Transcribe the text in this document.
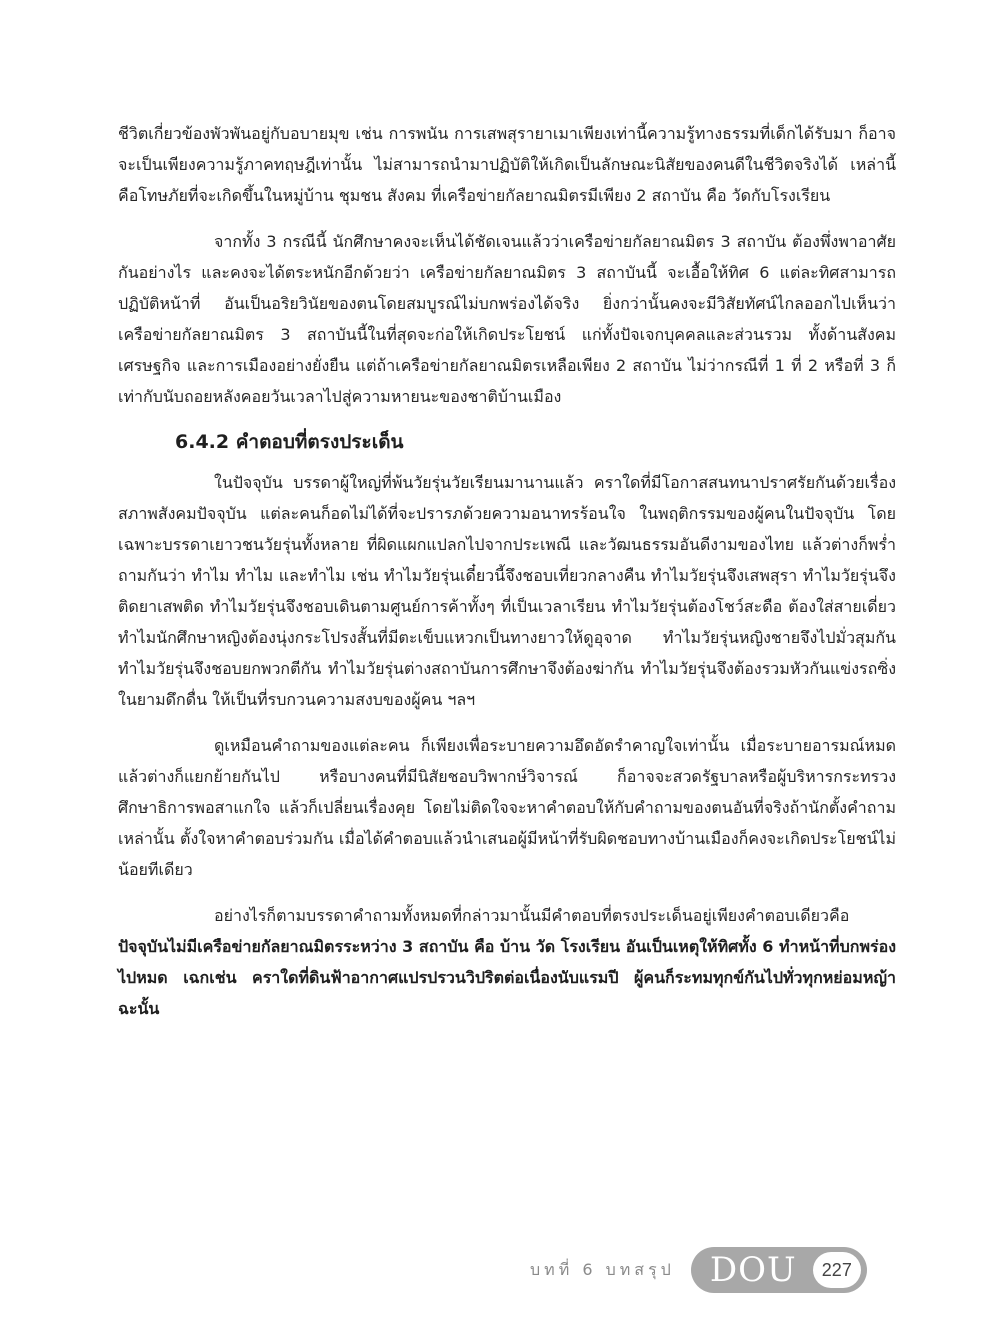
ชีวิตเกี่ยวข้องพัวพันอยู่กับอบายมุข เช่น การพนัน การเสพสุรายาเมาเพียงเท่านี้ความรู้ทางธรรมที่เด็กได้รับมา ก็อาจจะเป็นเพียงความรู้ภาคทฤษฎีเท่านั้น ไม่สามารถนำมาปฏิบัติให้เกิดเป็นลักษณะนิสัยของคนดีในชีวิตจริงได้ เหล่านี้คือโทษภัยที่จะเกิดขึ้นในหมู่บ้าน ชุมชน สังคม ที่เครือข่ายกัลยาณมิตรมีเพียง 2 สถาบัน คือ วัดกับโรงเรียน

จากทั้ง 3 กรณีนี้ นักศึกษาคงจะเห็นได้ชัดเจนแล้วว่าเครือข่ายกัลยาณมิตร 3 สถาบัน ต้องพึ่งพาอาศัยกันอย่างไร และคงจะได้ตระหนักอีกด้วยว่า เครือข่ายกัลยาณมิตร 3 สถาบันนี้ จะเอื้อให้ทิศ 6 แต่ละทิศสามารถปฏิบัติหน้าที่ อันเป็นอริยวินัยของตนโดยสมบูรณ์ไม่บกพร่องได้จริง ยิ่งกว่านั้นคงจะมีวิสัยทัศน์ไกลออกไปเห็นว่า เครือข่ายกัลยาณมิตร 3 สถาบันนี้ในที่สุดจะก่อให้เกิดประโยชน์ แก่ทั้งปัจเจกบุคคลและส่วนรวม ทั้งด้านสังคม เศรษฐกิจ และการเมืองอย่างยั่งยืน แต่ถ้าเครือข่ายกัลยาณมิตรเหลือเพียง 2 สถาบัน ไม่ว่ากรณีที่ 1 ที่ 2 หรือที่ 3 ก็เท่ากับนับถอยหลังคอยวันเวลาไปสู่ความหายนะของชาติบ้านเมือง

6.4.2 คำตอบที่ตรงประเด็น

ในปัจจุบัน บรรดาผู้ใหญ่ที่พ้นวัยรุ่นวัยเรียนมานานแล้ว คราใดที่มีโอกาสสนทนาปราศรัยกันด้วยเรื่องสภาพสังคมปัจจุบัน แต่ละคนก็อดไม่ได้ที่จะปรารภด้วยความอนาทรร้อนใจ ในพฤติกรรมของผู้คนในปัจจุบัน โดยเฉพาะบรรดาเยาวชนวัยรุ่นทั้งหลาย ที่ผิดแผกแปลกไปจากประเพณี และวัฒนธรรมอันดีงามของไทย แล้วต่างก็พร่ำถามกันว่า ทำไม ทำไม และทำไม เช่น ทำไมวัยรุ่นเดี๋ยวนี้จึงชอบเที่ยวกลางคืน ทำไมวัยรุ่นจึงเสพสุรา ทำไมวัยรุ่นจึงติดยาเสพติด ทำไมวัยรุ่นจึงชอบเดินตามศูนย์การค้าทั้งๆ ที่เป็นเวลาเรียน ทำไมวัยรุ่นต้องโชว์สะดือ ต้องใส่สายเดี่ยว ทำไมนักศึกษาหญิงต้องนุ่งกระโปรงสั้นที่มีตะเข็บแหวกเป็นทางยาวให้ดูอุจาด ทำไมวัยรุ่นหญิงชายจึงไปมั่วสุมกัน ทำไมวัยรุ่นจึงชอบยกพวกตีกัน ทำไมวัยรุ่นต่างสถาบันการศึกษาจึงต้องฆ่ากัน ทำไมวัยรุ่นจึงต้องรวมหัวกันแข่งรถซิ่งในยามดึกดื่น ให้เป็นที่รบกวนความสงบของผู้คน ฯลฯ

ดูเหมือนคำถามของแต่ละคน ก็เพียงเพื่อระบายความอึดอัดรำคาญใจเท่านั้น เมื่อระบายอารมณ์หมดแล้วต่างก็แยกย้ายกันไป หรือบางคนที่มีนิสัยชอบวิพากษ์วิจารณ์ ก็อาจจะสวดรัฐบาลหรือผู้บริหารกระทรวงศึกษาธิการพอสาแกใจ แล้วก็เปลี่ยนเรื่องคุย โดยไม่ติดใจจะหาคำตอบให้กับคำถามของตนอันที่จริงถ้านักตั้งคำถามเหล่านั้น ตั้งใจหาคำตอบร่วมกัน เมื่อได้คำตอบแล้วนำเสนอผู้มีหน้าที่รับผิดชอบทางบ้านเมืองก็คงจะเกิดประโยชน์ไม่น้อยทีเดียว

อย่างไรก็ตามบรรดาคำถามทั้งหมดที่กล่าวมานั้นมีคำตอบที่ตรงประเด็นอยู่เพียงคำตอบเดียวคือ ปัจจุบันไม่มีเครือข่ายกัลยาณมิตรระหว่าง 3 สถาบัน คือ บ้าน วัด โรงเรียน อันเป็นเหตุให้ทิศทั้ง 6 ทำหน้าที่บกพร่องไปหมด เฉกเช่น คราใดที่ดินฟ้าอากาศแปรปรวนวิปริตต่อเนื่องนับแรมปี ผู้คนก็ระทมทุกข์กันไปทั่วทุกหย่อมหญ้าฉะนั้น

บทที่ 6 บทสรุป DOU 227
